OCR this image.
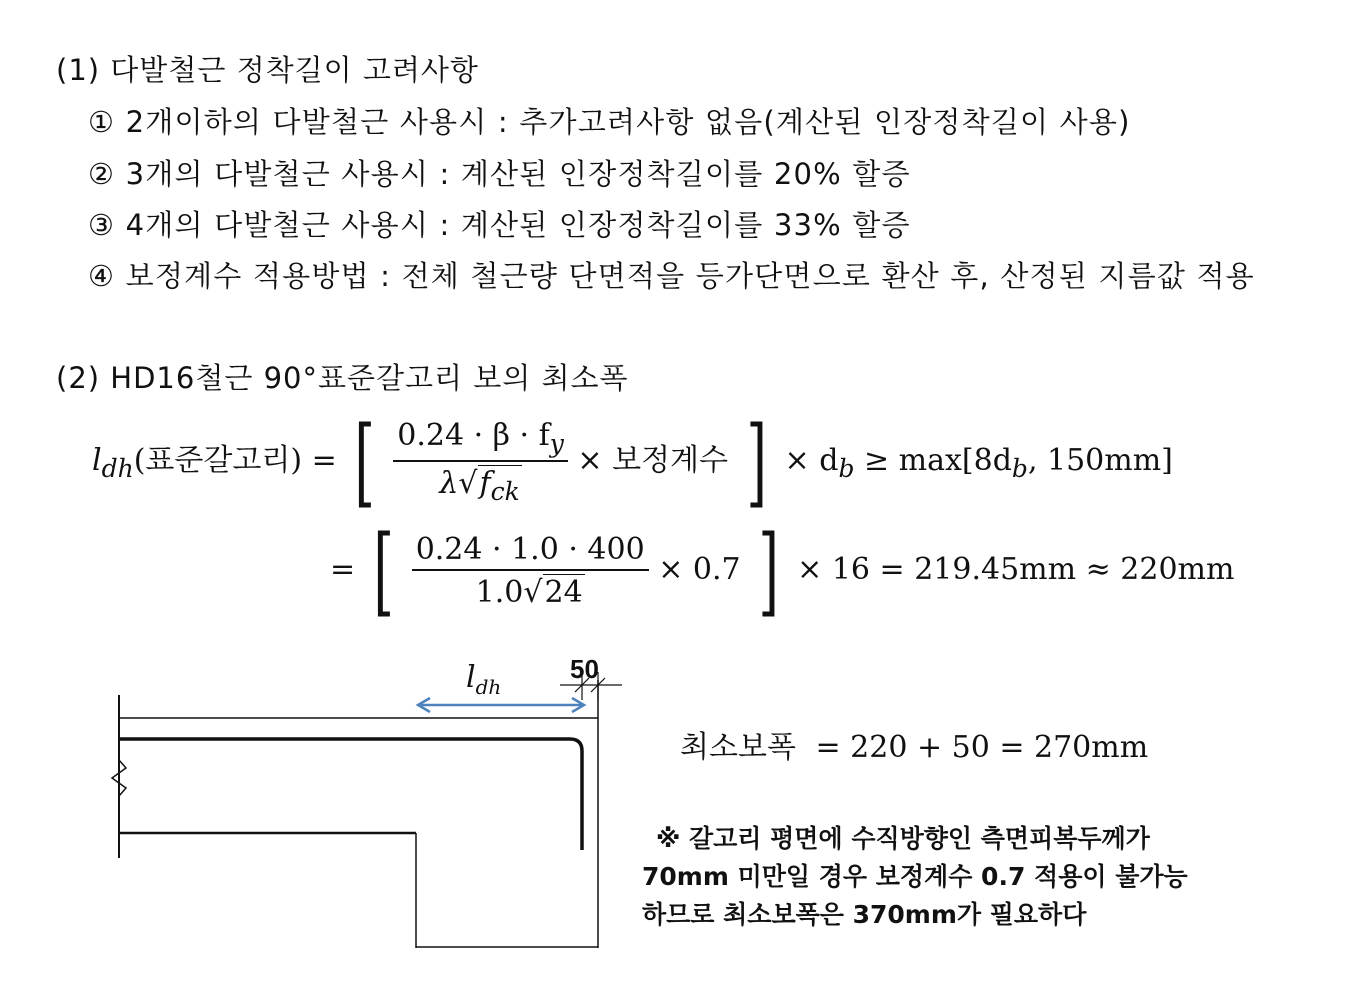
(1) 다발철근 정착길이 고려사항
① 2개이하의 다발철근 사용시 : 추가고려사항 없음(계산된 인장정착길이 사용)
② 3개의 다발철근 사용시 : 계산된 인장정착길이를 20% 할증
③ 4개의 다발철근 사용시 : 계산된 인장정착길이를 33% 할증
④ 보정계수 적용방법 : 전체 철근량 단면적을 등가단면으로 환산 후, 산정된 지름값 적용
(2) HD16철근 90°표준갈고리 보의 최소폭
$l_{dh}$(표준갈고리) = [ $\frac{0.24 \cdot \beta \cdot f_y}{\lambda√f_{ck}}$ × 보정계수 ] × $d_b \ge \max[8d_b$, 150mm]
= [ $\frac{0.24 \cdot 1.0 \cdot 400}{1.0√24} \times 0.7$ ] × 16 = 219.45mm ≈ 220mm
$l_{dh}$
50
최소보폭 = 220 + 50 = 270mm
※ 갈고리 평면에 수직방향인 측면피복두께가
70mm 미만일 경우 보정계수 0.7 적용이 불가능
하므로 최소보폭은 370mm가 필요하다
